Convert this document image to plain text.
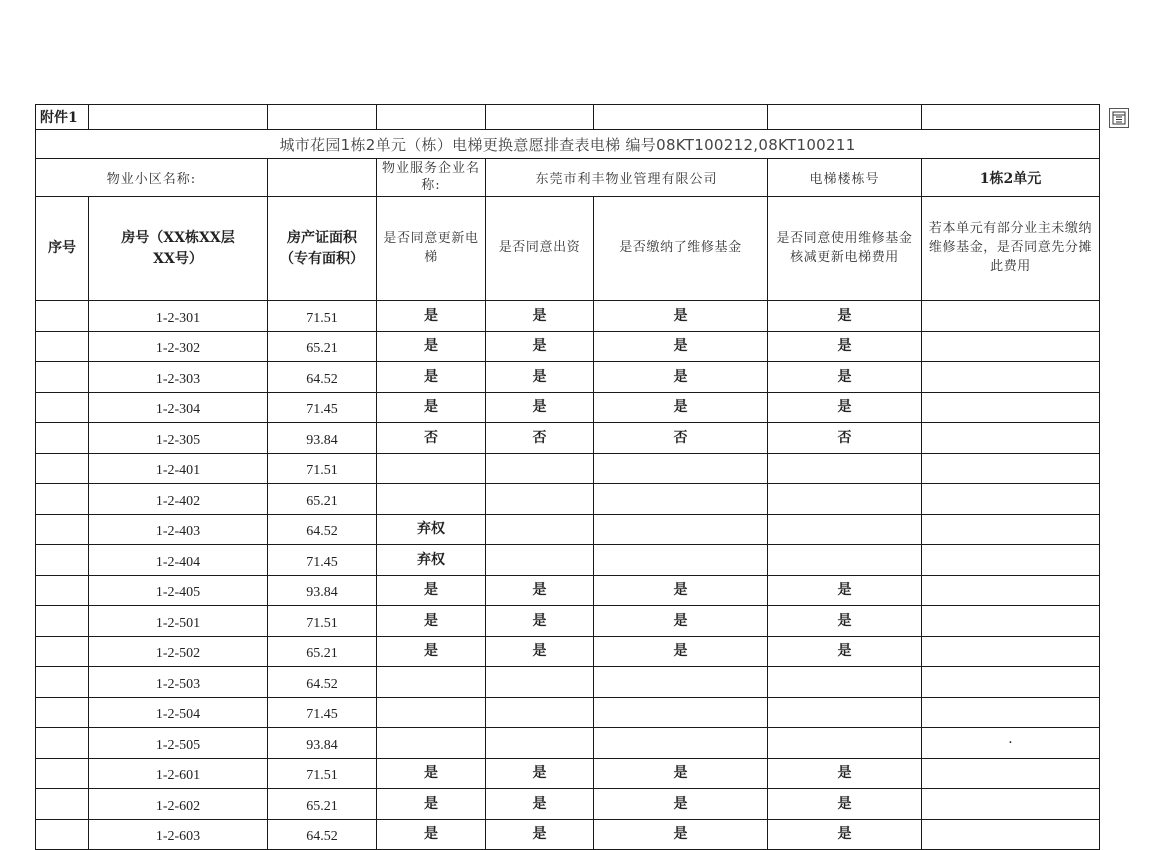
附件1							
城市花园1栋2单元（栋）电梯更换意愿排查表电梯 编号08KT100212,08KT100211							
物业小区名称:			物业服务企业名称:	东莞市利丰物业管理有限公司		电梯楼栋号	1栋2单元
序号	房号（XX栋XX层XX号）	房产证面积（专有面积）	是否同意更新电梯	是否同意出资	是否缴纳了维修基金	是否同意使用维修基金核减更新电梯费用	若本单元有部分业主未缴纳维修基金，是否同意先分摊此费用
	1-2-301	71.51	是	是	是	是	
	1-2-302	65.21	是	是	是	是	
	1-2-303	64.52	是	是	是	是	
	1-2-304	71.45	是	是	是	是	
	1-2-305	93.84	否	否	否	否	
	1-2-401	71.51					
	1-2-402	65.21					
	1-2-403	64.52	弃权				
	1-2-404	71.45	弃权				
	1-2-405	93.84	是	是	是	是	
	1-2-501	71.51	是	是	是	是	
	1-2-502	65.21	是	是	是	是	
	1-2-503	64.52					
	1-2-504	71.45					
	1-2-505	93.84					·
	1-2-601	71.51	是	是	是	是	
	1-2-602	65.21	是	是	是	是	
	1-2-603	64.52	是	是	是	是	
